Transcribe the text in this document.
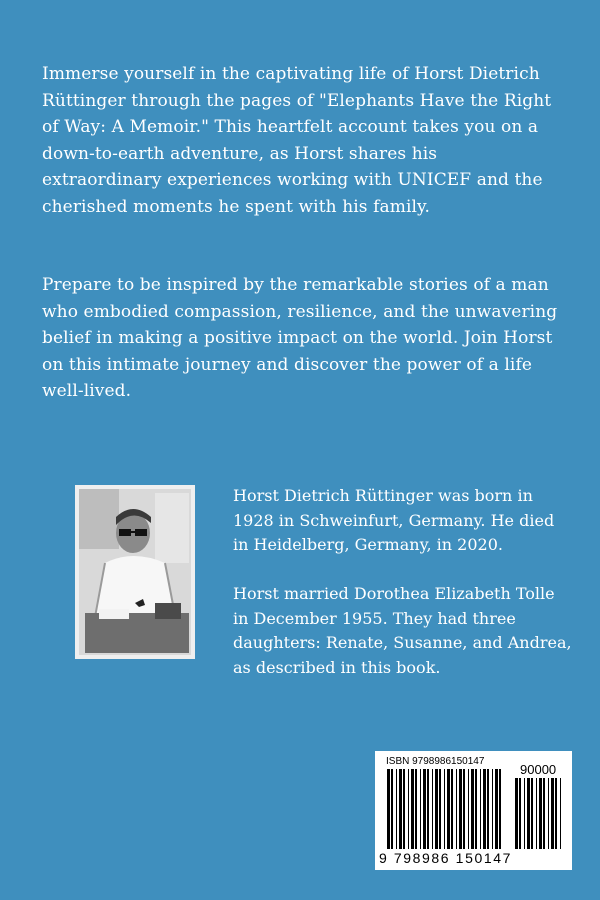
Immerse yourself in the captivating life of Horst Dietrich Rüttinger through the pages of "Elephants Have the Right of Way: A Memoir." This heartfelt account takes you on a down-to-earth adventure, as Horst shares his extraordinary experiences working with UNICEF and the cherished moments he spent with his family.

Prepare to be inspired by the remarkable stories of a man who embodied compassion, resilience, and the unwavering belief in making a positive impact on the world. Join Horst on this intimate journey and discover the power of a life well-lived.

Horst Dietrich Rüttinger was born in 1928 in Schweinfurt, Germany. He died in Heidelberg, Germany, in 2020.

Horst married Dorothea Elizabeth Tolle in December 1955. They had three daughters: Renate, Susanne, and Andrea, as described in this book.

ISBN 9798986150147
90000
9 798986 150147
